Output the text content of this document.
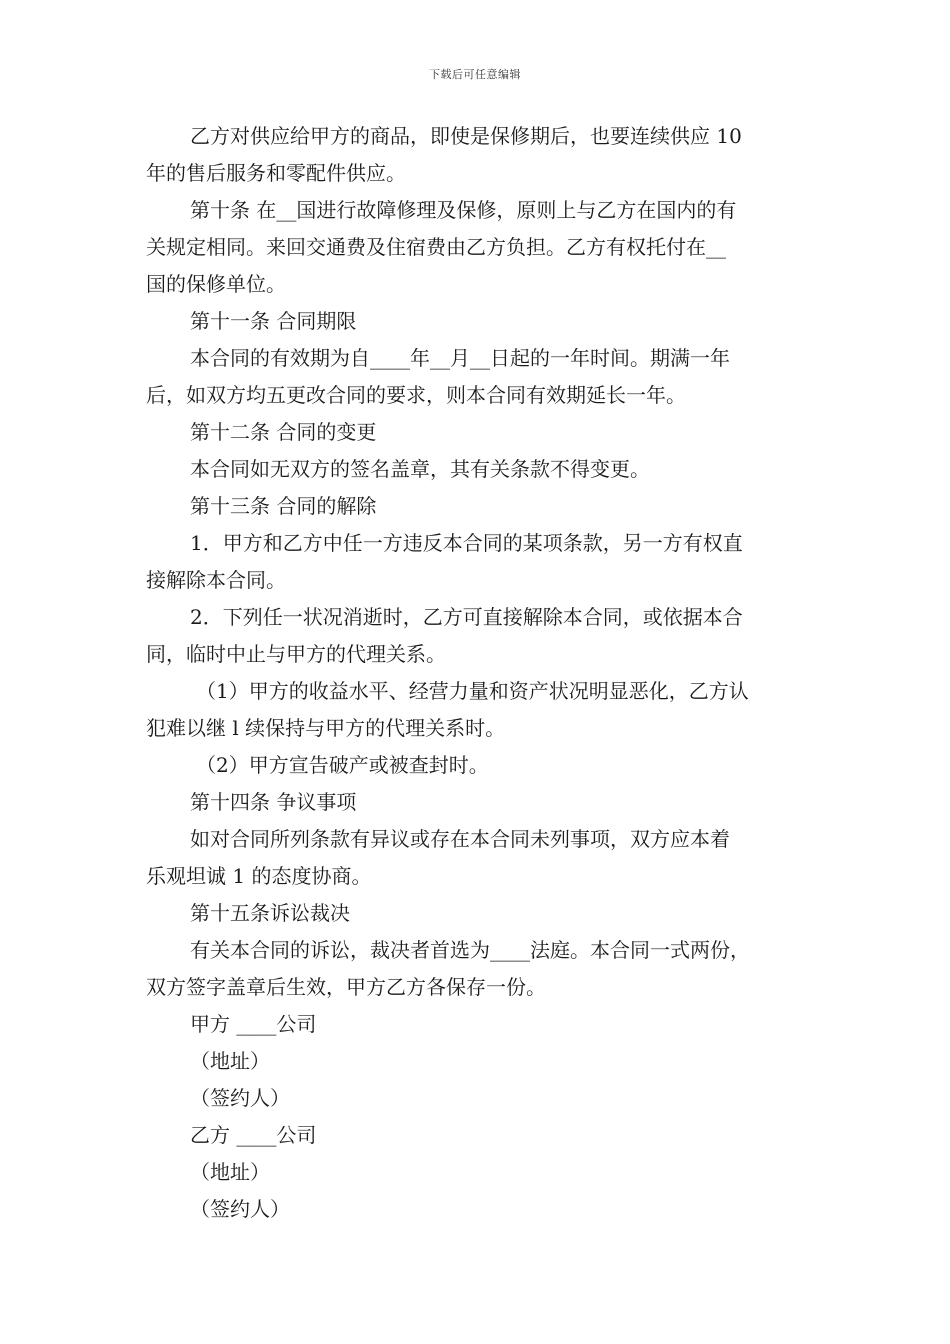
下载后可任意编辑

乙方对供应给甲方的商品，即使是保修期后，也要连续供应 10

年的售后服务和零配件供应。

第十条 在__国进行故障修理及保修，原则上与乙方在国内的有

关规定相同。来回交通费及住宿费由乙方负担。乙方有权托付在__

国的保修单位。

第十一条 合同期限

本合同的有效期为自____年__月__日起的一年时间。期满一年

后，如双方均五更改合同的要求，则本合同有效期延长一年。

第十二条 合同的变更

本合同如无双方的签名盖章，其有关条款不得变更。

第十三条 合同的解除

1．甲方和乙方中任一方违反本合同的某项条款，另一方有权直

接解除本合同。

2．下列任一状况消逝时，乙方可直接解除本合同，或依据本合

同，临时中止与甲方的代理关系。

（1）甲方的收益水平、经营力量和资产状况明显恶化，乙方认

犯难以继 l 续保持与甲方的代理关系时。

（2）甲方宣告破产或被查封时。

第十四条 争议事项

如对合同所列条款有异议或存在本合同未列事项，双方应本着

乐观坦诚 1 的态度协商。

第十五条诉讼裁决

有关本合同的诉讼，裁决者首选为____法庭。本合同一式两份，

双方签字盖章后生效，甲方乙方各保存一份。

甲方 ____公司

（地址）

（签约人）

乙方 ____公司

（地址）

（签约人）
